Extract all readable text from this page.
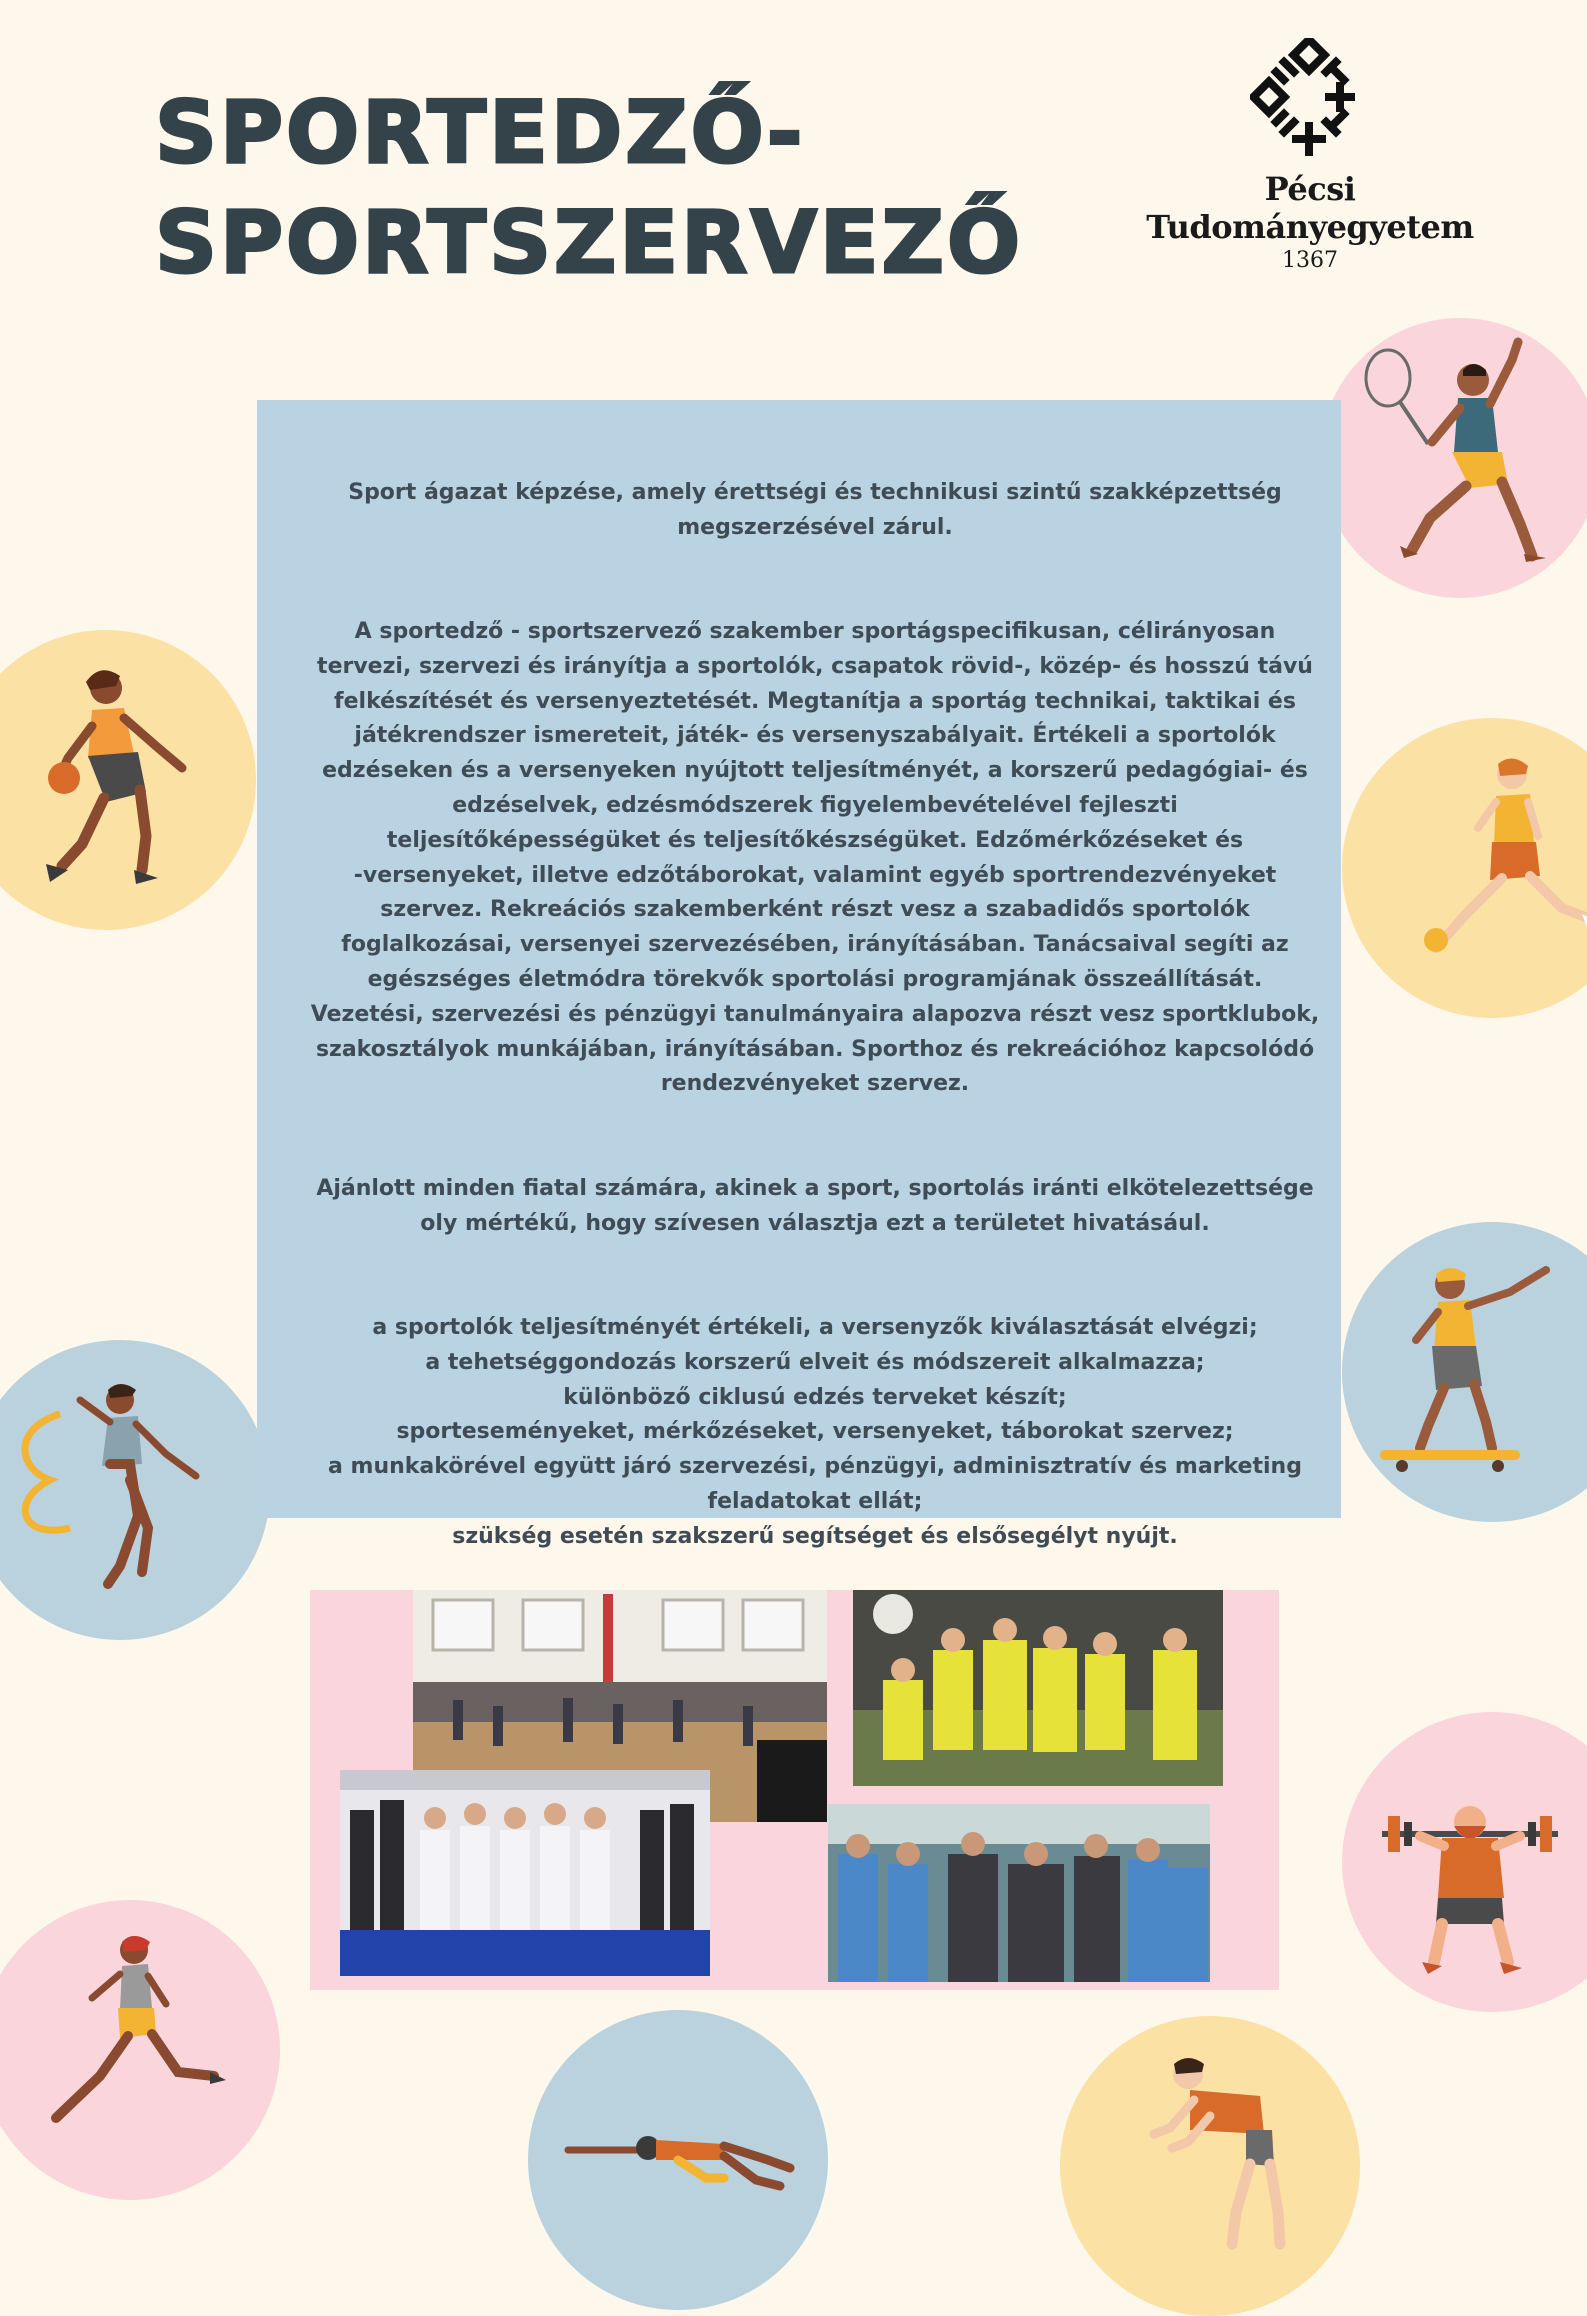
SPORTEDZŐ-
SPORTSZERVEZŐ
Pécsi Tudományegyetem
1367

Sport ágazat képzése, amely érettségi és technikusi szintű szakképzettség
megszerzésével zárul.

A sportedző - sportszervező szakember sportágspecifikusan, célirányosan
tervezi, szervezi és irányítja a sportolók, csapatok rövid-, közép- és hosszú távú
felkészítését és versenyeztetését. Megtanítja a sportág technikai, taktikai és
játékrendszer ismereteit, játék- és versenyszabályait. Értékeli a sportolók
edzéseken és a versenyeken nyújtott teljesítményét, a korszerű pedagógiai- és
edzéselvek, edzésmódszerek figyelembevételével fejleszti
teljesítőképességüket és teljesítőkészségüket. Edzőmérkőzéseket és
-versenyeket, illetve edzőtáborokat, valamint egyéb sportrendezvényeket
szervez. Rekreációs szakemberként részt vesz a szabadidős sportolók
foglalkozásai, versenyei szervezésében, irányításában. Tanácsaival segíti az
egészséges életmódra törekvők sportolási programjának összeállítását.
Vezetési, szervezési és pénzügyi tanulmányaira alapozva részt vesz sportklubok,
szakosztályok munkájában, irányításában. Sporthoz és rekreációhoz kapcsolódó
rendezvényeket szervez.

Ajánlott minden fiatal számára, akinek a sport, sportolás iránti elkötelezettsége
oly mértékű, hogy szívesen választja ezt a területet hivatásául.

a sportolók teljesítményét értékeli, a versenyzők kiválasztását elvégzi;
a tehetséggondozás korszerű elveit és módszereit alkalmazza;
különböző ciklusú edzés terveket készít;
sporteseményeket, mérkőzéseket, versenyeket, táborokat szervez;
a munkakörével együtt járó szervezési, pénzügyi, adminisztratív és marketing
feladatokat ellát;
szükség esetén szakszerű segítséget és elsősegélyt nyújt.
